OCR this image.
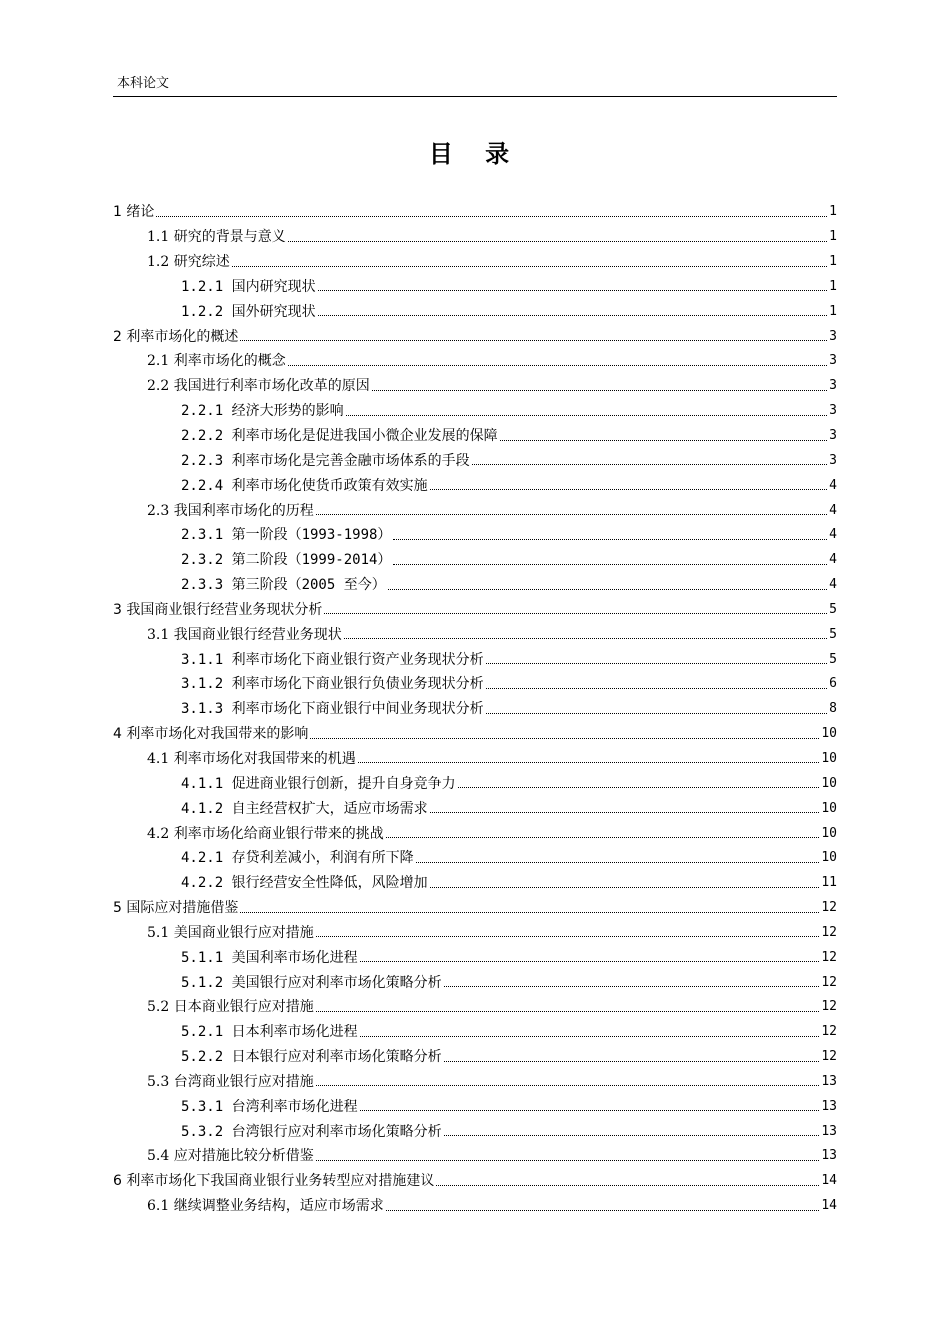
本科论文
目 录
1 绪论	1
1.1 研究的背景与意义	1
1.2 研究综述	1
1.2.1 国内研究现状	1
1.2.2 国外研究现状	1
2 利率市场化的概述	3
2.1 利率市场化的概念	3
2.2 我国进行利率市场化改革的原因	3
2.2.1 经济大形势的影响	3
2.2.2 利率市场化是促进我国小微企业发展的保障	3
2.2.3 利率市场化是完善金融市场体系的手段	3
2.2.4 利率市场化使货币政策有效实施	4
2.3 我国利率市场化的历程	4
2.3.1 第一阶段（1993-1998）	4
2.3.2 第二阶段（1999-2014）	4
2.3.3 第三阶段（2005 至今）	4
3 我国商业银行经营业务现状分析	5
3.1 我国商业银行经营业务现状	5
3.1.1 利率市场化下商业银行资产业务现状分析	5
3.1.2 利率市场化下商业银行负债业务现状分析	6
3.1.3 利率市场化下商业银行中间业务现状分析	8
4 利率市场化对我国带来的影响	10
4.1 利率市场化对我国带来的机遇	10
4.1.1 促进商业银行创新，提升自身竞争力	10
4.1.2 自主经营权扩大，适应市场需求	10
4.2 利率市场化给商业银行带来的挑战	10
4.2.1 存贷利差减小，利润有所下降	10
4.2.2 银行经营安全性降低，风险增加	11
5 国际应对措施借鉴	12
5.1 美国商业银行应对措施	12
5.1.1 美国利率市场化进程	12
5.1.2 美国银行应对利率市场化策略分析	12
5.2 日本商业银行应对措施	12
5.2.1 日本利率市场化进程	12
5.2.2 日本银行应对利率市场化策略分析	12
5.3 台湾商业银行应对措施	13
5.3.1 台湾利率市场化进程	13
5.3.2 台湾银行应对利率市场化策略分析	13
5.4 应对措施比较分析借鉴	13
6 利率市场化下我国商业银行业务转型应对措施建议	14
6.1 继续调整业务结构，适应市场需求	14
